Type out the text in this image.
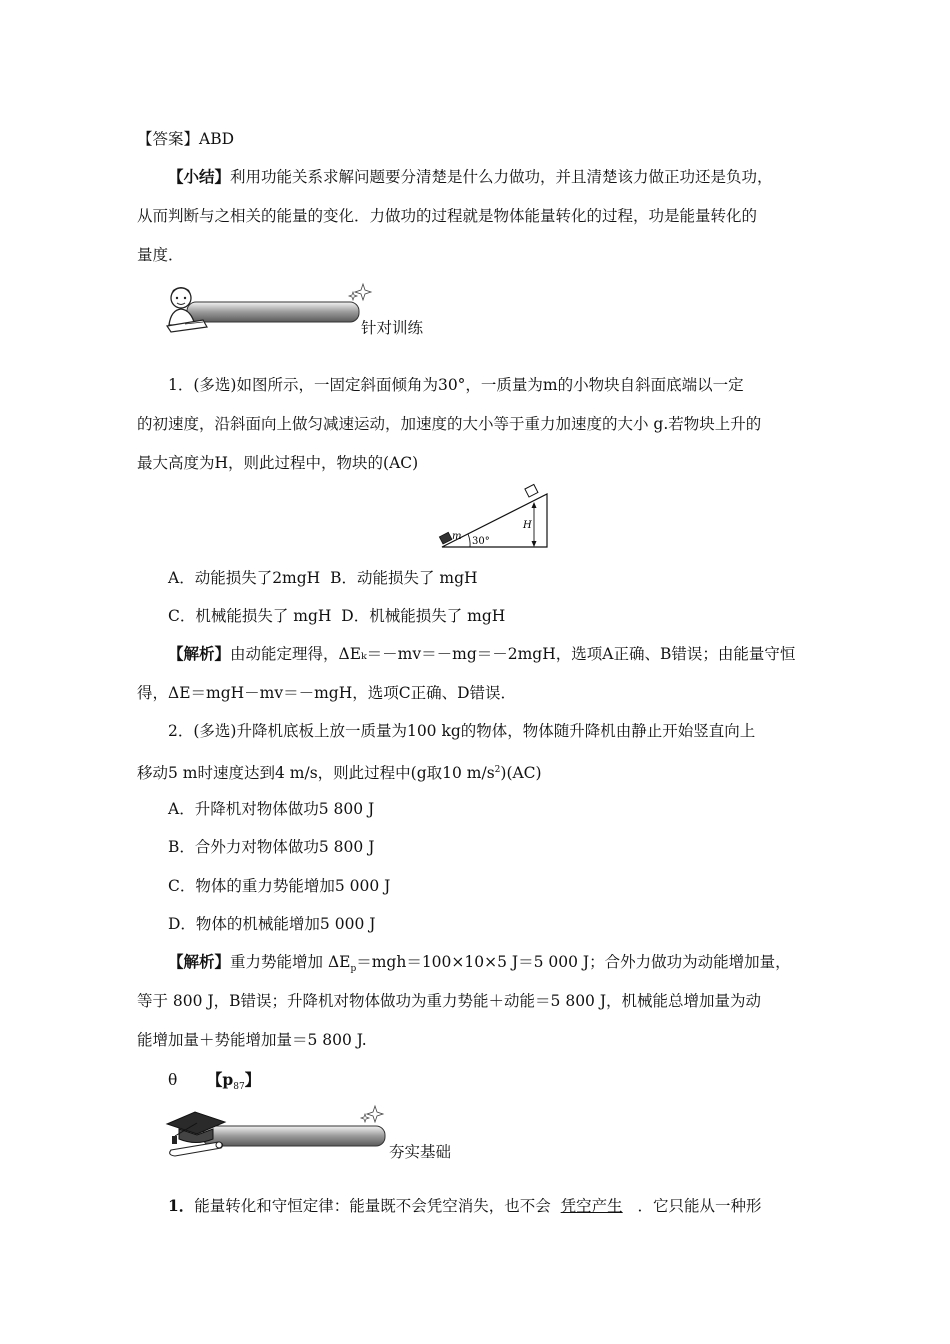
【答案】ABD
【小结】利用功能关系求解问题要分清楚是什么力做功，并且清楚该力做正功还是负功，
从而判断与之相关的能量的变化．力做功的过程就是物体能量转化的过程，功是能量转化的
量度．
针对训练
1．(多选)如图所示，一固定斜面倾角为30°，一质量为m的小物块自斜面底端以一定
的初速度，沿斜面向上做匀减速运动，加速度的大小等于重力加速度的大小 g.若物块上升的
最大高度为H，则此过程中，物块的(AC)
m 30°
H
A．动能损失了2mgH B．动能损失了 mgH
C．机械能损失了 mgH D．机械能损失了 mgH
【解析】由动能定理得，ΔEₖ＝－mv＝－mg＝－2mgH，选项A正确、B错误；由能量守恒
得，ΔE＝mgH－mv＝－mgH，选项C正确、D错误．
2．(多选)升降机底板上放一质量为100 kg的物体，物体随升降机由静止开始竖直向上
移动5 m时速度达到4 m/s，则此过程中(g取10 $m/s^2)(AC)$
A．升降机对物体做功5 800 J
B．合外力对物体做功5 800 J
C．物体的重力势能增加5 000 J
D．物体的机械能增加5 000 J
【解析】重力势能增加 $\Delta E_p=mgh=100\times 10\times 5$ J＝5 000 J；合外力做功为动能增加量，
等于 800 J，B错误；升降机对物体做功为重力势能＋动能＝5 800 J，机械能总增加量为动
能增加量＋势能增加量＝5 800 J.
θ 【$p_{87}$】
夯实基础
1．能量转化和守恒定律：能量既不会凭空消失，也不会 凭空产生 ．它只能从一种形
